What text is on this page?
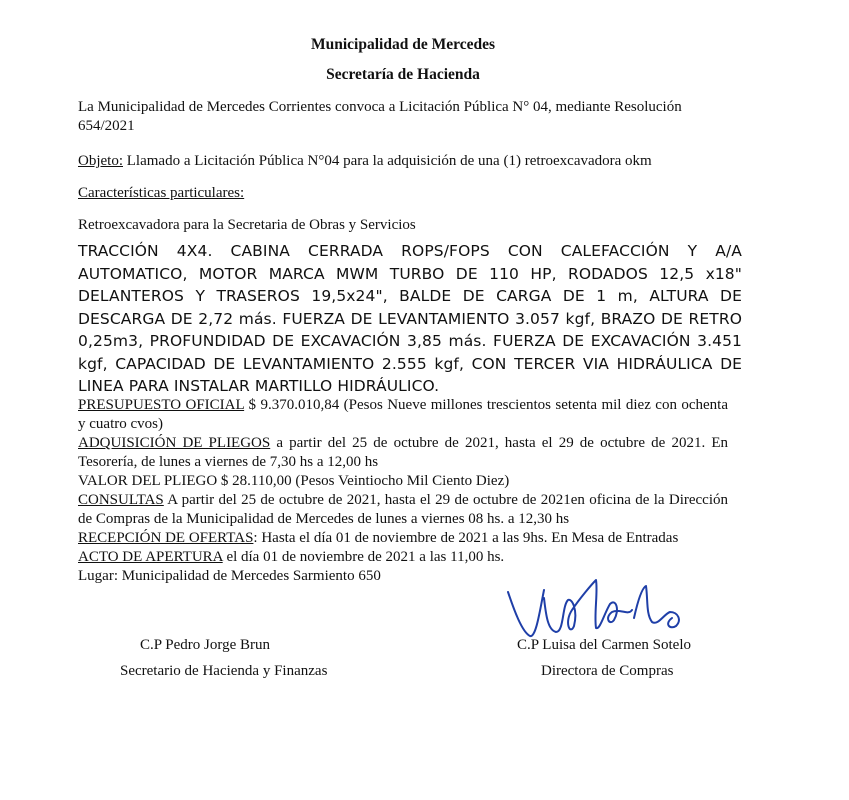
Municipalidad de Mercedes
Secretaría de Hacienda
La Municipalidad de Mercedes Corrientes convoca a Licitación Pública N° 04, mediante Resolución 654/2021
Objeto: Llamado a Licitación Pública N°04 para la adquisición de una (1) retroexcavadora okm
Características particulares:
Retroexcavadora para la Secretaria de Obras y Servicios
TRACCIÓN 4X4. CABINA CERRADA ROPS/FOPS CON CALEFACCIÓN Y A/A AUTOMATICO, MOTOR MARCA MWM TURBO DE 110 HP, RODADOS 12,5 x18" DELANTEROS Y TRASEROS 19,5x24", BALDE DE CARGA DE 1 m, ALTURA DE DESCARGA DE 2,72 más. FUERZA DE LEVANTAMIENTO 3.057 kgf, BRAZO DE RETRO 0,25m3, PROFUNDIDAD DE EXCAVACIÓN 3,85 más. FUERZA DE EXCAVACIÓN 3.451 kgf, CAPACIDAD DE LEVANTAMIENTO 2.555 kgf, CON TERCER VIA HIDRÁULICA DE LINEA PARA INSTALAR MARTILLO HIDRÁULICO.
PRESUPUESTO OFICIAL $ 9.370.010,84 (Pesos Nueve millones trescientos setenta mil diez con ochenta y cuatro cvos)
ADQUISICIÓN DE PLIEGOS a partir del 25 de octubre de 2021, hasta el 29 de octubre de 2021. En Tesorería, de lunes a viernes de 7,30 hs a 12,00 hs
VALOR DEL PLIEGO $ 28.110,00 (Pesos Veintiocho Mil Ciento Diez)
CONSULTAS A partir del 25 de octubre de 2021, hasta el 29 de octubre de 2021en oficina de la Dirección de Compras de la Municipalidad de Mercedes de lunes a viernes 08 hs. a 12,30 hs
RECEPCIÓN DE OFERTAS: Hasta el día 01 de noviembre de 2021 a las 9hs. En Mesa de Entradas
ACTO DE APERTURA el día 01 de noviembre de 2021 a las 11,00 hs.
Lugar: Municipalidad de Mercedes Sarmiento 650
C.P Pedro Jorge Brun
Secretario de Hacienda y Finanzas
C.P Luisa del Carmen Sotelo
Directora de Compras
